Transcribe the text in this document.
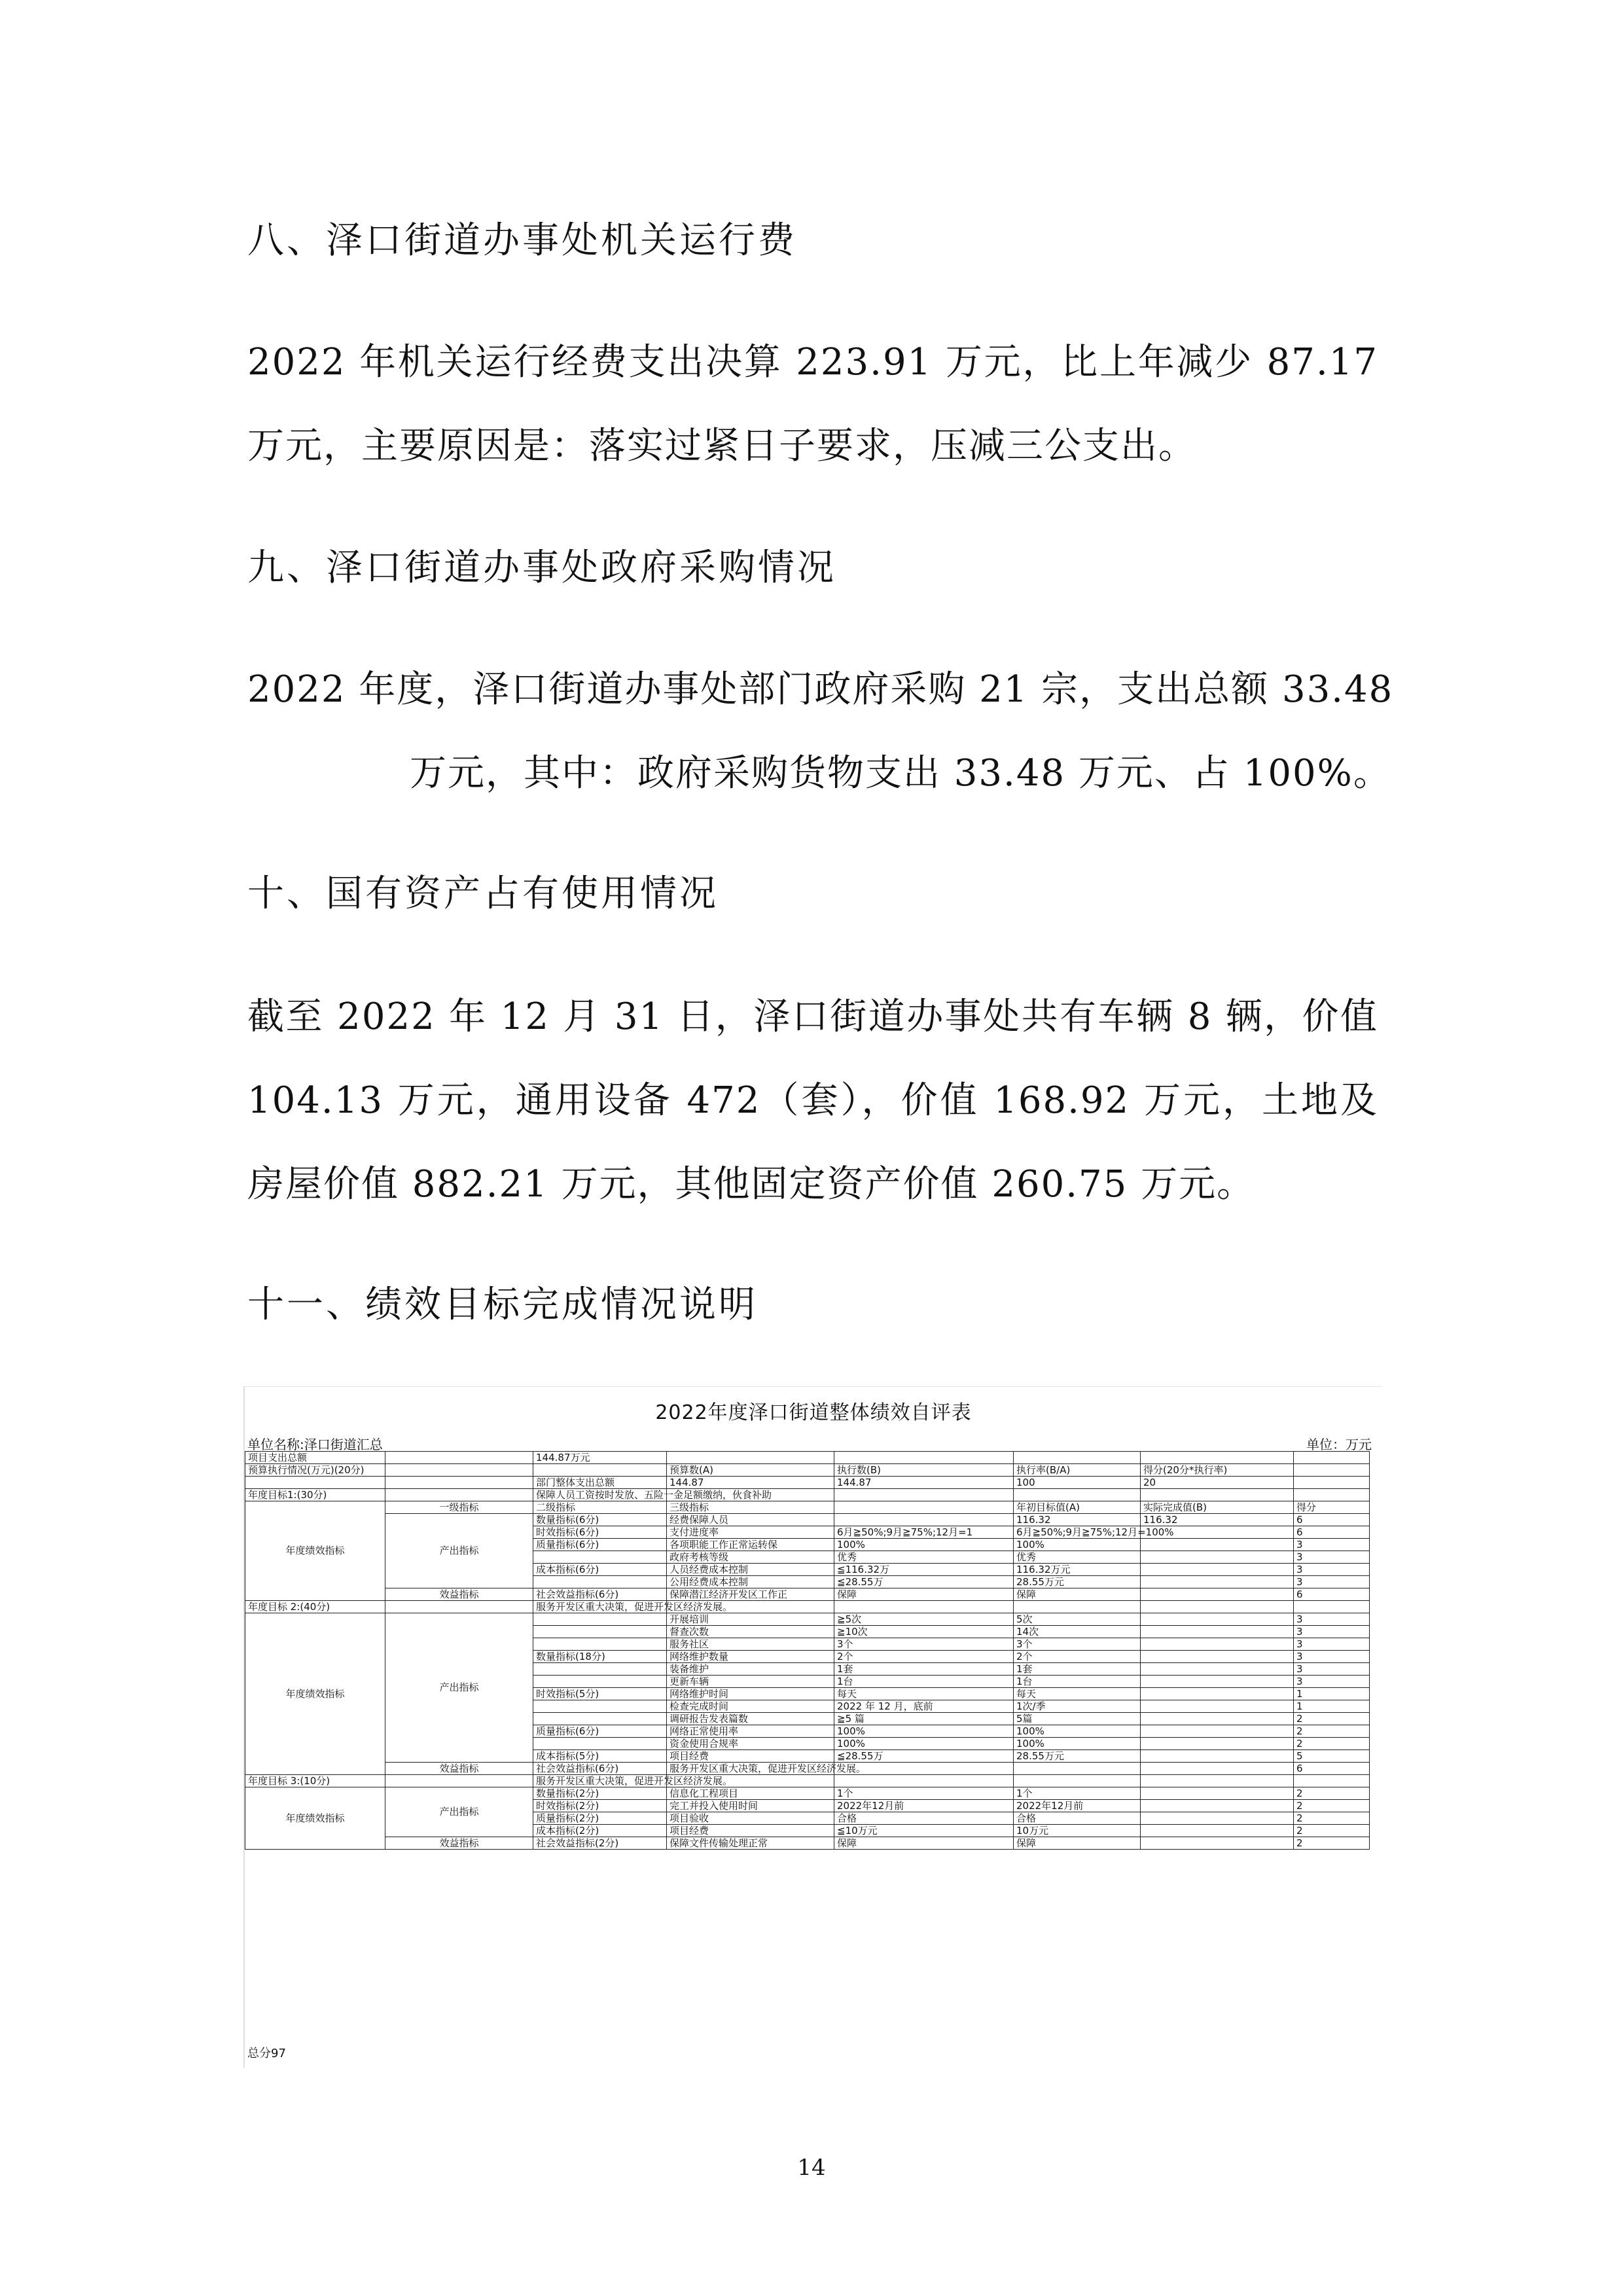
八、泽口街道办事处机关运行费
2022 年机关运行经费支出决算 223.91 万元，比上年减少 87.17 万元，主要原因是：落实过紧日子要求，压减三公支出。
九、泽口街道办事处政府采购情况
2022 年度，泽口街道办事处部门政府采购 21 宗，支出总额 33.48
万元，其中：政府采购货物支出 33.48 万元、占 100%。
十、国有资产占有使用情况
截至 2022 年 12 月 31 日，泽口街道办事处共有车辆 8 辆，价值 104.13 万元，通用设备 472（套），价值 168.92 万元，土地及房屋价值 882.21 万元，其他固定资产价值 260.75 万元。
十一、绩效目标完成情况说明
2022年度泽口街道整体绩效自评表
单位名称:泽口街道汇总	单位：万元
项目支出总额		144.87万元					
预算执行情况(万元)(20分)			预算数(A)	执行数(B)	执行率(B/A)	得分(20分*执行率)	
		部门整体支出总额	144.87	144.87	100	20	
年度目标1:(30分)		保障人员工资按时发放、五险一金足额缴纳，伙食补助					
年度绩效指标	一级指标	二级指标	三级指标		年初目标值(A)	实际完成值(B)	得分
	产出指标	数量指标(6分)	经费保障人员		116.32	116.32	6
		时效指标(6分)	支付进度率	6月≧50%;9月≧75%;12月=1	6月≧50%;9月≧75%;12月=100%		6
		质量指标(6分)	各项职能工作正常运转保	100%	100%		3
			政府考核等级	优秀	优秀		3
		成本指标(6分)	人员经费成本控制	≦116.32万	116.32万元		3
			公用经费成本控制	≦28.55万	28.55万元		3
	效益指标	社会效益指标(6分)	保障潜江经济开发区工作正	保障	保障		6
年度目标 2:(40分)		服务开发区重大决策，促进开发区经济发展。					
年度绩效指标	产出指标		开展培训	≧5次	5次		3
			督查次数	≧10次	14次		3
			服务社区	3个	3个		3
		数量指标(18分)	网络维护数量	2个	2个		3
			装备维护	1套	1套		3
			更新车辆	1台	1台		3
		时效指标(5分)	网络维护时间	每天	每天		1
			检查完成时间	2022 年 12 月，底前	1次/季		1
			调研报告发表篇数	≧5 篇	5篇		2
		质量指标(6分)	网络正常使用率	100%	100%		2
			资金使用合规率	100%	100%		2
		成本指标(5分)	项目经费	≦28.55万	28.55万元		5
	效益指标	社会效益指标(6分)	服务开发区重大决策，促进开发区经济发展。				6
年度目标 3:(10分)		服务开发区重大决策，促进开发区经济发展。					
年度绩效指标	产出指标	数量指标(2分)	信息化工程项目	1个	1个		2
		时效指标(2分)	完工并投入使用时间	2022年12月前	2022年12月前		2
		质量指标(2分)	项目验收	合格	合格		2
		成本指标(2分)	项目经费	≦10万元	10万元		2
	效益指标	社会效益指标(2分)	保障文件传输处理正常	保障	保障		2
总分97
14
